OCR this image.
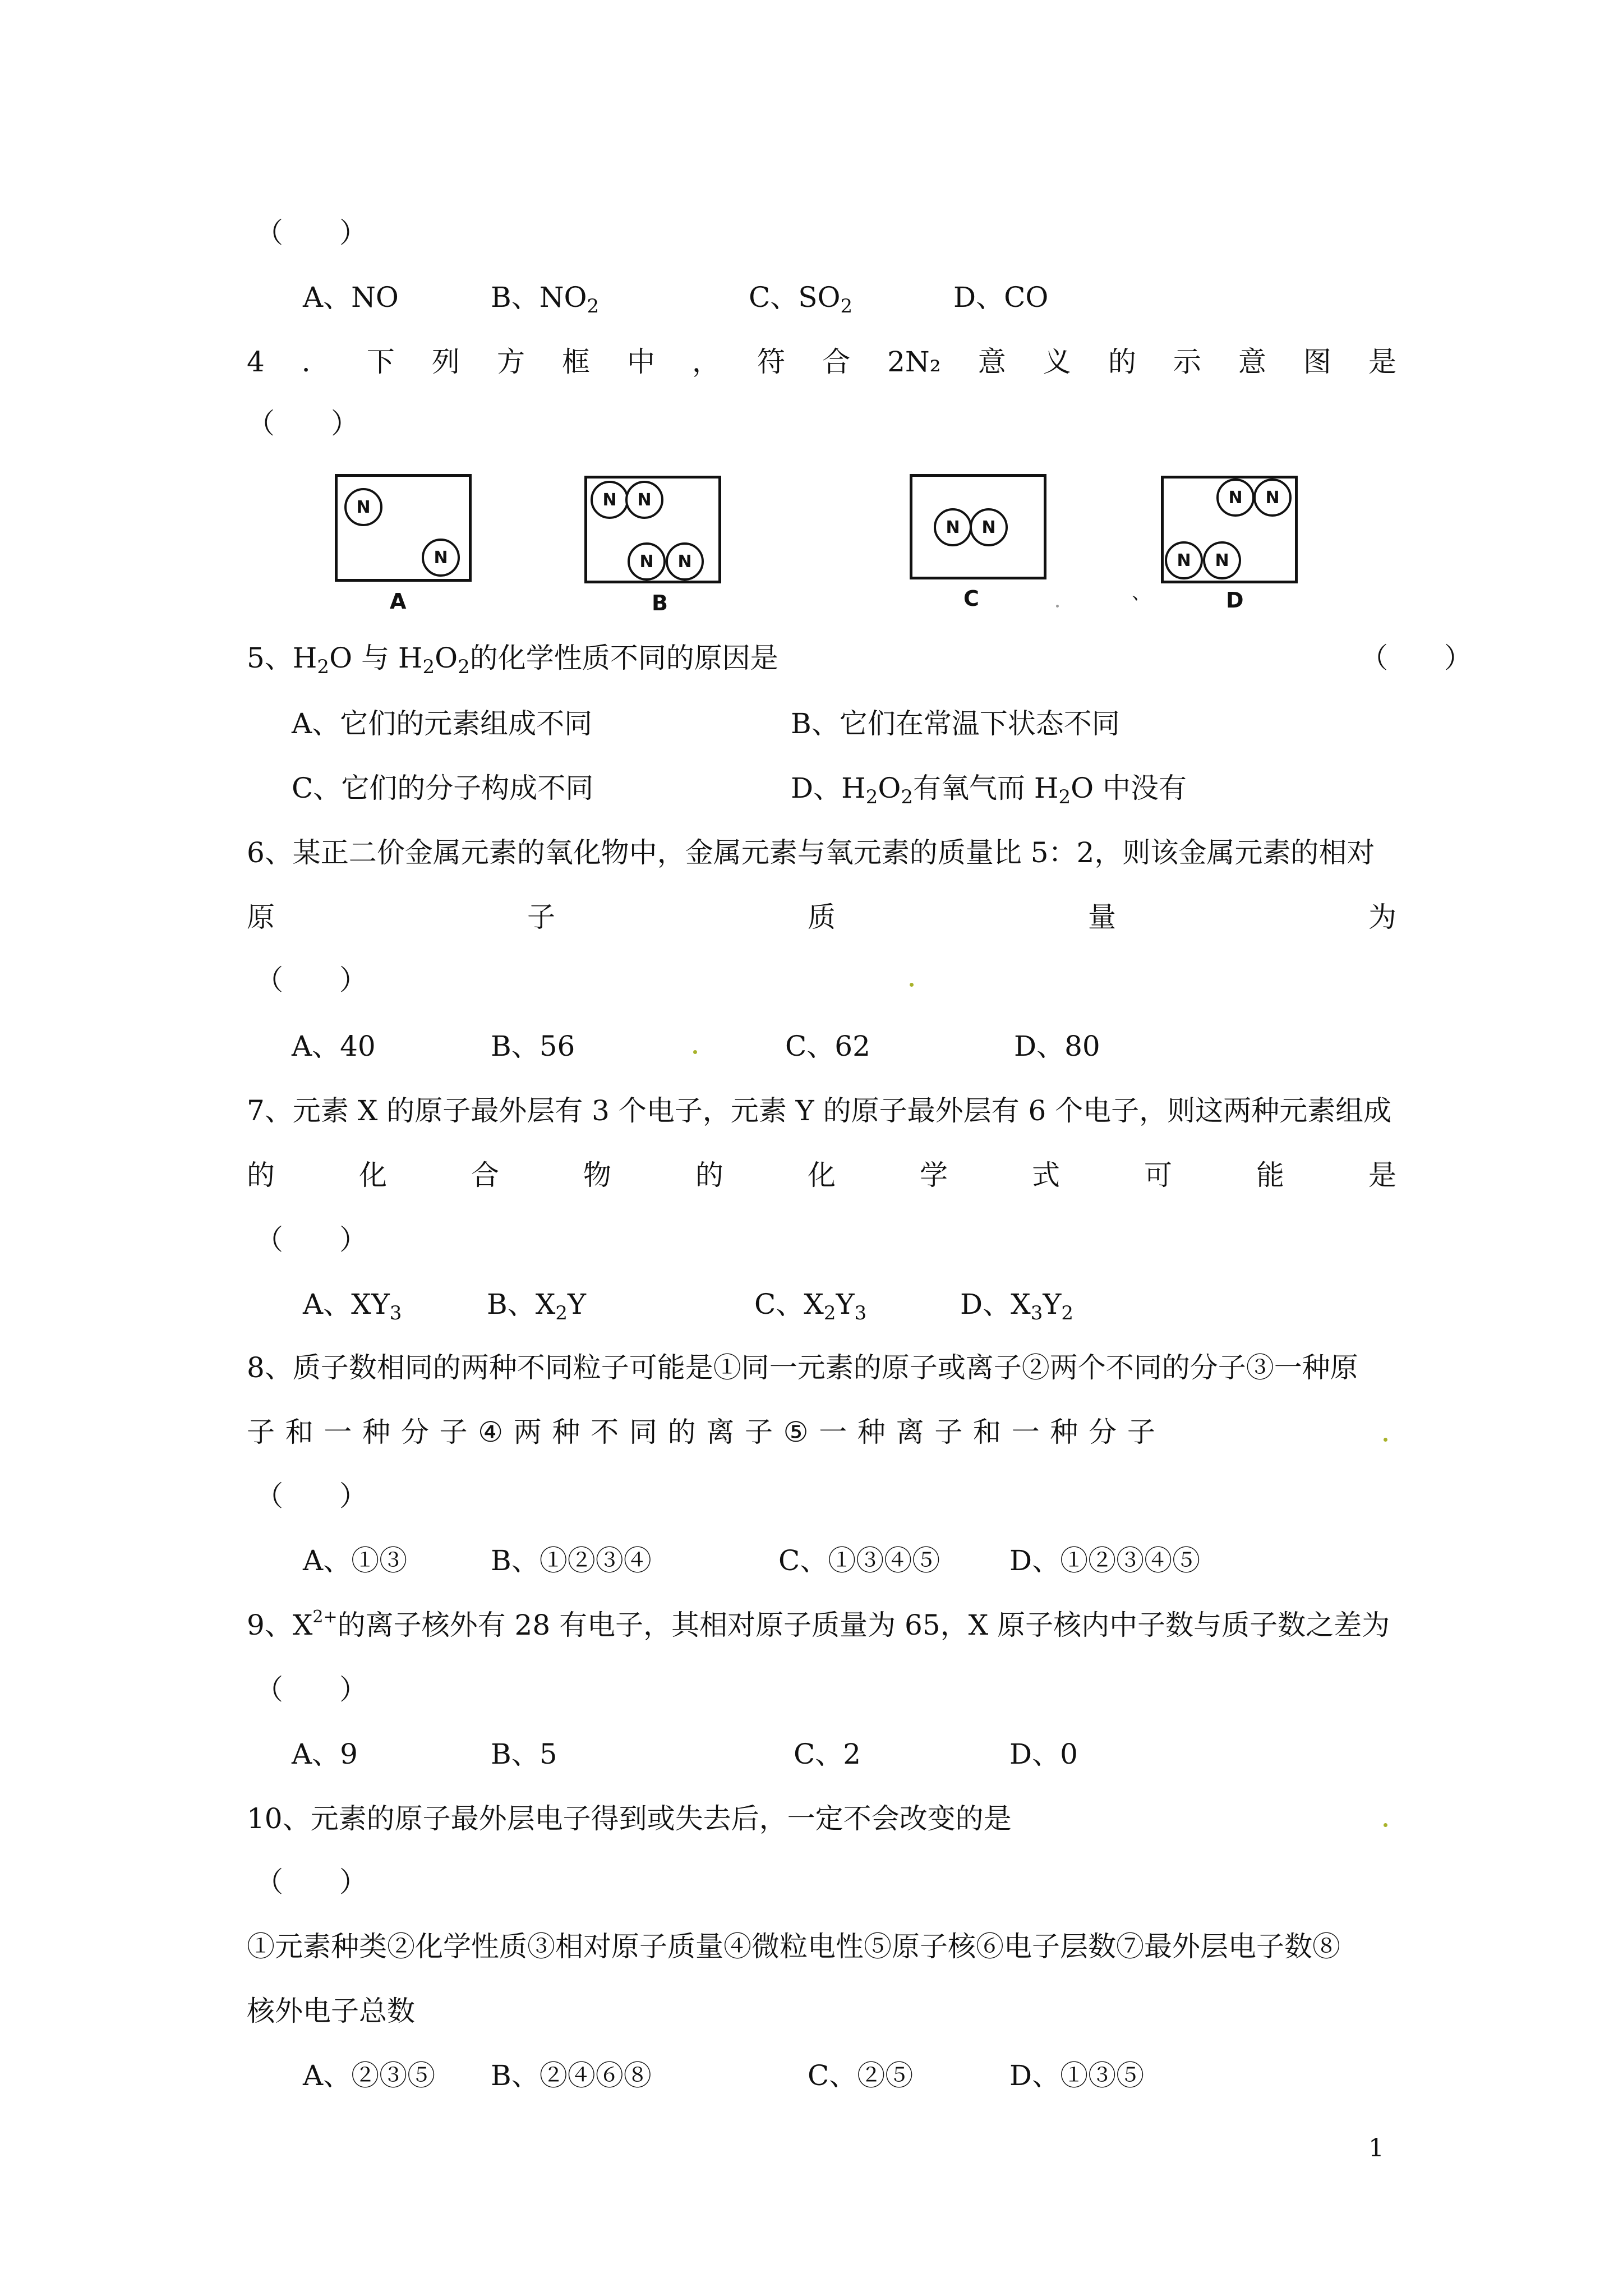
（　　）
A、NO	B、$NO_2$	C、$SO_2$	D、CO
4 ． 下 列 方 框 中 ， 符 合 2N₂ 意 义 的 示 意 图 是
（　　）
N
N
A
N	N
N	N
B
N	N
C
N	N
N	N
D
、
5、$H_2O$ 与 $H_2O_2$的化学性质不同的原因是	（　　）
A、它们的元素组成不同	B、它们在常温下状态不同
C、它们的分子构成不同	D、$H_2O_2$有氧气而 $H_2O$ 中没有
6、某正二价金属元素的氧化物中，金属元素与氧元素的质量比 5：2，则该金属元素的相对
原	子	质	量	为
（　　）
A、40	B、56	C、62	D、80
7、元素 X 的原子最外层有 3 个电子，元素 Y 的原子最外层有 6 个电子，则这两种元素组成
的	化	合	物	的	化	学	式	可	能	是
（　　）
A、$XY_3$	B、$X_2Y$	C、$X_2Y_3$	D、$X_3Y_2$
8、质子数相同的两种不同粒子可能是①同一元素的原子或离子②两个不同的分子③一种原
子 和 一 种 分 子 ④ 两 种 不 同 的 离 子 ⑤ 一 种 离 子 和 一 种 分 子
（　　）
A、①③	B、①②③④	C、①③④⑤ D、①②③④⑤
9、$X^{2+}$的离子核外有 28 有电子，其相对原子质量为 65，X 原子核内中子数与质子数之差为
（　　）
A、9	B、5	C、2	D、0
10、元素的原子最外层电子得到或失去后，一定不会改变的是
（　　）
①元素种类②化学性质③相对原子质量④微粒电性⑤原子核⑥电子层数⑦最外层电子数⑧
核外电子总数
A、②③⑤ B、②④⑥⑧	C、②⑤	D、①③⑤
1
